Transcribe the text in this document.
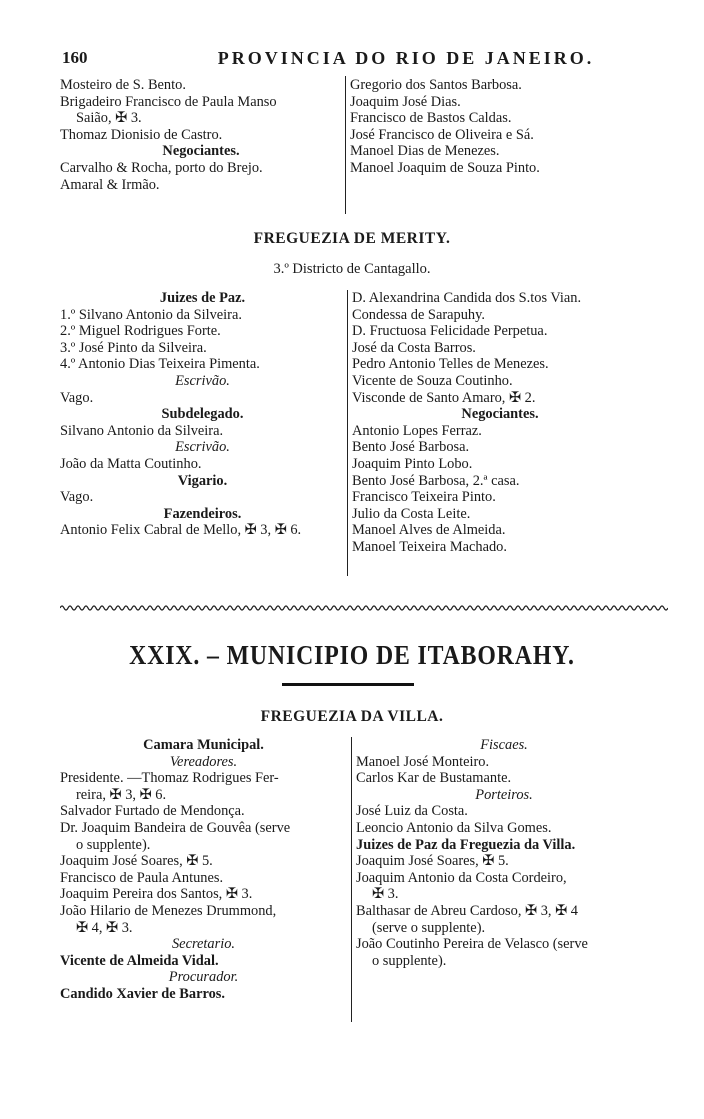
160	PROVINCIA DO RIO DE JANEIRO.
Mosteiro de S. Bento.
Brigadeiro Francisco de Paula Manso
Saião, ✠ 3.
Thomaz Dionisio de Castro.
Negociantes.
Carvalho & Rocha, porto do Brejo.
Amaral & Irmão.
Gregorio dos Santos Barbosa.
Joaquim José Dias.
Francisco de Bastos Caldas.
José Francisco de Oliveira e Sá.
Manoel Dias de Menezes.
Manoel Joaquim de Souza Pinto.
FREGUEZIA DE MERITY.
3.º Districto de Cantagallo.
Juizes de Paz.
1.º Silvano Antonio da Silveira.
2.º Miguel Rodrigues Forte.
3.º José Pinto da Silveira.
4.º Antonio Dias Teixeira Pimenta.
Escrivão.
Vago.
Subdelegado.
Silvano Antonio da Silveira.
Escrivão.
João da Matta Coutinho.
Vigario.
Vago.
Fazendeiros.
Antonio Felix Cabral de Mello, ✠ 3, ✠ 6.
D. Alexandrina Candida dos S.tos Vian.
Condessa de Sarapuhy.
D. Fructuosa Felicidade Perpetua.
José da Costa Barros.
Pedro Antonio Telles de Menezes.
Vicente de Souza Coutinho.
Visconde de Santo Amaro, ✠ 2.
Negociantes.
Antonio Lopes Ferraz.
Bento José Barbosa.
Joaquim Pinto Lobo.
Bento José Barbosa, 2.ª casa.
Francisco Teixeira Pinto.
Julio da Costa Leite.
Manoel Alves de Almeida.
Manoel Teixeira Machado.
XXIX. – MUNICIPIO DE ITABORAHY.
FREGUEZIA DA VILLA.
Camara Municipal.
Vereadores.
Presidente. —Thomaz Rodrigues Fer-
reira, ✠ 3, ✠ 6.
Salvador Furtado de Mendonça.
Dr. Joaquim Bandeira de Gouvêa (serve
o supplente).
Joaquim José Soares, ✠ 5.
Francisco de Paula Antunes.
Joaquim Pereira dos Santos, ✠ 3.
João Hilario de Menezes Drummond,
✠ 4, ✠ 3.
Secretario.
Vicente de Almeida Vidal.
Procurador.
Candido Xavier de Barros.
Fiscaes.
Manoel José Monteiro.
Carlos Kar de Bustamante.
Porteiros.
José Luiz da Costa.
Leoncio Antonio da Silva Gomes.
Juizes de Paz da Freguezia da Villa.
Joaquim José Soares, ✠ 5.
Joaquim Antonio da Costa Cordeiro,
✠ 3.
Balthasar de Abreu Cardoso, ✠ 3, ✠ 4
(serve o supplente).
João Coutinho Pereira de Velasco (serve
o supplente).
